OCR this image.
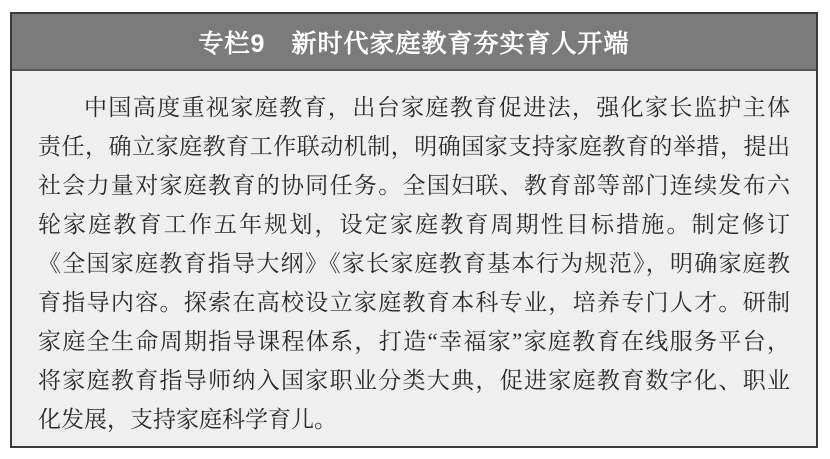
专栏9 新时代家庭教育夯实育人开端
中国高度重视家庭教育，出台家庭教育促进法，强化家长监护主体
责任，确立家庭教育工作联动机制，明确国家支持家庭教育的举措，提出
社会力量对家庭教育的协同任务。全国妇联、教育部等部门连续发布六
轮家庭教育工作五年规划，设定家庭教育周期性目标措施。制定修订
《全国家庭教育指导大纲》《家长家庭教育基本行为规范》，明确家庭教
育指导内容。探索在高校设立家庭教育本科专业，培养专门人才。研制
家庭全生命周期指导课程体系，打造“幸福家”家庭教育在线服务平台，
将家庭教育指导师纳入国家职业分类大典，促进家庭教育数字化、职业
化发展，支持家庭科学育儿。
